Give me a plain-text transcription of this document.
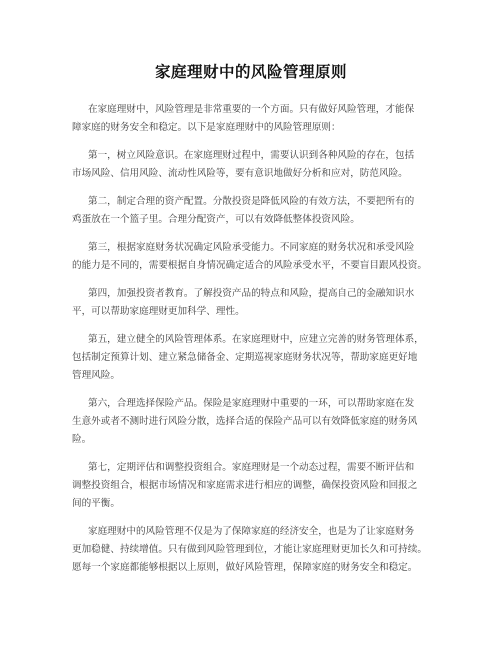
家庭理财中的风险管理原则
在家庭理财中，风险管理是非常重要的一个方面。只有做好风险管理，才能保
障家庭的财务安全和稳定。以下是家庭理财中的风险管理原则：
第一，树立风险意识。在家庭理财过程中，需要认识到各种风险的存在，包括
市场风险、信用风险、流动性风险等，要有意识地做好分析和应对，防范风险。
第二，制定合理的资产配置。分散投资是降低风险的有效方法，不要把所有的
鸡蛋放在一个篮子里。合理分配资产，可以有效降低整体投资风险。
第三，根据家庭财务状况确定风险承受能力。不同家庭的财务状况和承受风险
的能力是不同的，需要根据自身情况确定适合的风险承受水平，不要盲目跟风投资。
第四，加强投资者教育。了解投资产品的特点和风险，提高自己的金融知识水
平，可以帮助家庭理财更加科学、理性。
第五，建立健全的风险管理体系。在家庭理财中，应建立完善的财务管理体系，
包括制定预算计划、建立紧急储备金、定期巡视家庭财务状况等，帮助家庭更好地
管理风险。
第六，合理选择保险产品。保险是家庭理财中重要的一环，可以帮助家庭在发
生意外或者不测时进行风险分散，选择合适的保险产品可以有效降低家庭的财务风
险。
第七，定期评估和调整投资组合。家庭理财是一个动态过程，需要不断评估和
调整投资组合，根据市场情况和家庭需求进行相应的调整，确保投资风险和回报之
间的平衡。
家庭理财中的风险管理不仅是为了保障家庭的经济安全，也是为了让家庭财务
更加稳健、持续增值。只有做到风险管理到位，才能让家庭理财更加长久和可持续。
愿每一个家庭都能够根据以上原则，做好风险管理，保障家庭的财务安全和稳定。
